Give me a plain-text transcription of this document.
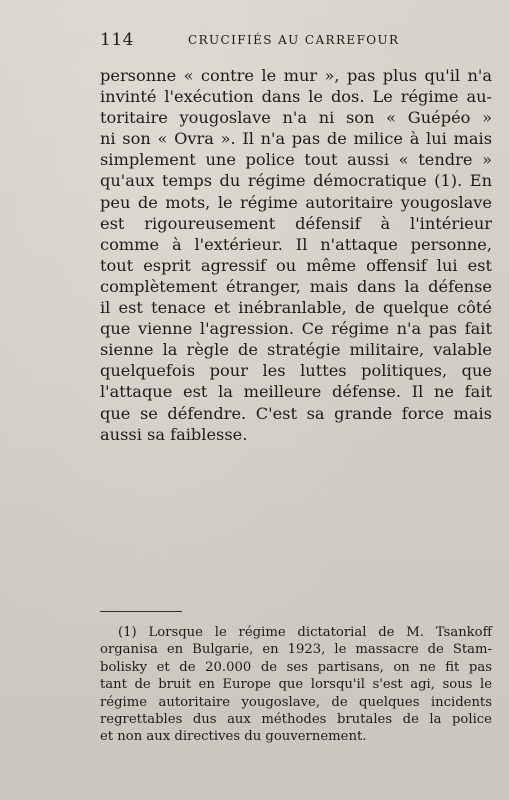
114	CRUCIFIÉS AU CARREFOUR
personne « contre le mur », pas plus qu'il n'a
invinté l'exécution dans le dos. Le régime au-
toritaire yougoslave n'a ni son « Guépéo »
ni son « Ovra ». Il n'a pas de milice à lui mais
simplement une police tout aussi « tendre »
qu'aux temps du régime démocratique (1). En
peu de mots, le régime autoritaire yougoslave
est rigoureusement défensif à l'intérieur
comme à l'extérieur. Il n'attaque personne,
tout esprit agressif ou même offensif lui est
complètement étranger, mais dans la défense
il est tenace et inébranlable, de quelque côté
que vienne l'agression. Ce régime n'a pas fait
sienne la règle de stratégie militaire, valable
quelquefois pour les luttes politiques, que
l'attaque est la meilleure défense. Il ne fait
que se défendre. C'est sa grande force mais
aussi sa faiblesse.
(1) Lorsque le régime dictatorial de M. Tsankoff
organisa en Bulgarie, en 1923, le massacre de Stam-
bolisky et de 20.000 de ses partisans, on ne fit pas
tant de bruit en Europe que lorsqu'il s'est agi, sous le
régime autoritaire yougoslave, de quelques incidents
regrettables dus aux méthodes brutales de la police
et non aux directives du gouvernement.
